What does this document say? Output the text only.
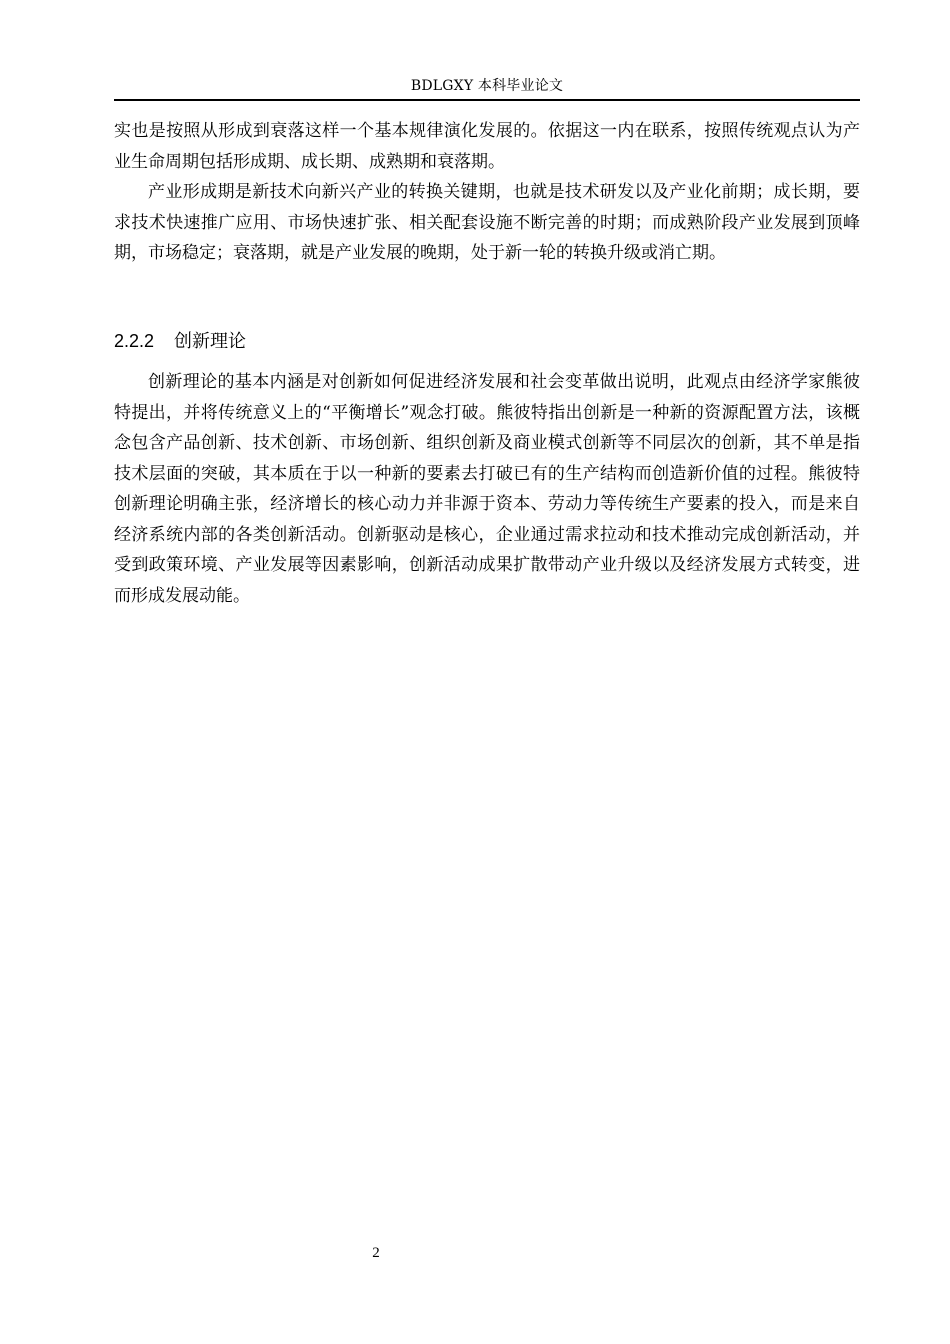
BDLGXY 本科毕业论文

实也是按照从形成到衰落这样一个基本规律演化发展的。依据这一内在联系，按照传统观点认为产业生命周期包括形成期、成长期、成熟期和衰落期。

产业形成期是新技术向新兴产业的转换关键期，也就是技术研发以及产业化前期；成长期，要求技术快速推广应用、市场快速扩张、相关配套设施不断完善的时期；而成熟阶段产业发展到顶峰期，市场稳定；衰落期，就是产业发展的晚期，处于新一轮的转换升级或消亡期。

2.2.2 创新理论

创新理论的基本内涵是对创新如何促进经济发展和社会变革做出说明，此观点由经济学家熊彼特提出，并将传统意义上的“平衡增长”观念打破。熊彼特指出创新是一种新的资源配置方法，该概念包含产品创新、技术创新、市场创新、组织创新及商业模式创新等不同层次的创新，其不单是指技术层面的突破，其本质在于以一种新的要素去打破已有的生产结构而创造新价值的过程。熊彼特创新理论明确主张，经济增长的核心动力并非源于资本、劳动力等传统生产要素的投入，而是来自经济系统内部的各类创新活动。创新驱动是核心，企业通过需求拉动和技术推动完成创新活动，并受到政策环境、产业发展等因素影响，创新活动成果扩散带动产业升级以及经济发展方式转变，进而形成发展动能。

2
